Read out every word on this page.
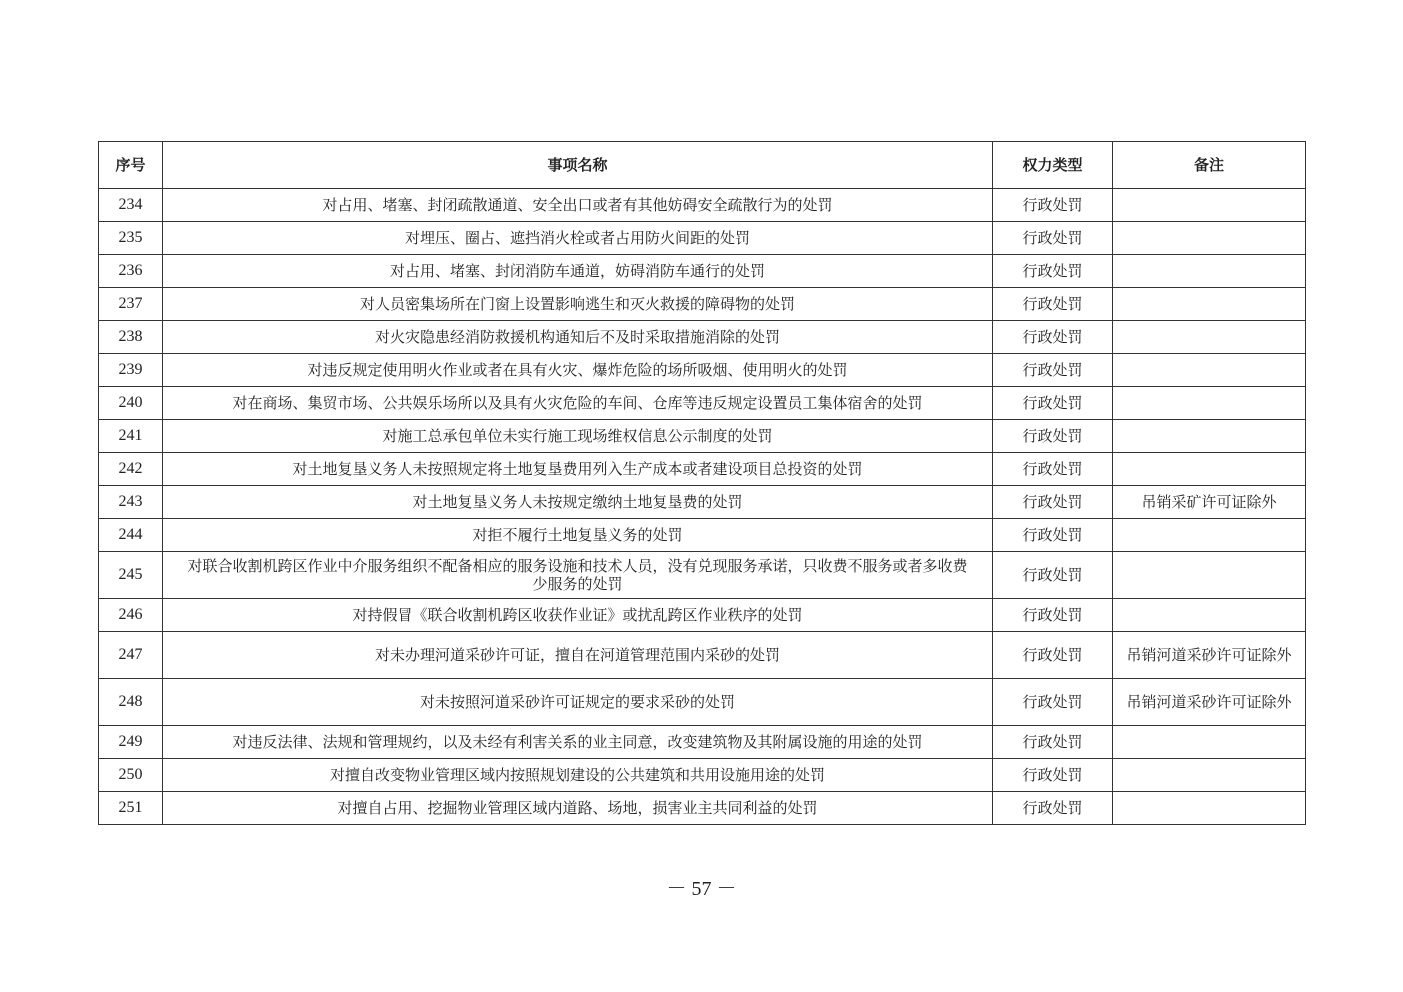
序号	事项名称	权力类型	备注
234	对占用、堵塞、封闭疏散通道、安全出口或者有其他妨碍安全疏散行为的处罚	行政处罚	
235	对埋压、圈占、遮挡消火栓或者占用防火间距的处罚	行政处罚	
236	对占用、堵塞、封闭消防车通道，妨碍消防车通行的处罚	行政处罚	
237	对人员密集场所在门窗上设置影响逃生和灭火救援的障碍物的处罚	行政处罚	
238	对火灾隐患经消防救援机构通知后不及时采取措施消除的处罚	行政处罚	
239	对违反规定使用明火作业或者在具有火灾、爆炸危险的场所吸烟、使用明火的处罚	行政处罚	
240	对在商场、集贸市场、公共娱乐场所以及具有火灾危险的车间、仓库等违反规定设置员工集体宿舍的处罚	行政处罚	
241	对施工总承包单位未实行施工现场维权信息公示制度的处罚	行政处罚	
242	对土地复垦义务人未按照规定将土地复垦费用列入生产成本或者建设项目总投资的处罚	行政处罚	
243	对土地复垦义务人未按规定缴纳土地复垦费的处罚	行政处罚	吊销采矿许可证除外
244	对拒不履行土地复垦义务的处罚	行政处罚	
245	对联合收割机跨区作业中介服务组织不配备相应的服务设施和技术人员，没有兑现服务承诺，只收费不服务或者多收费少服务的处罚	行政处罚	
246	对持假冒《联合收割机跨区收获作业证》或扰乱跨区作业秩序的处罚	行政处罚	
247	对未办理河道采砂许可证，擅自在河道管理范围内采砂的处罚	行政处罚	吊销河道采砂许可证除外
248	对未按照河道采砂许可证规定的要求采砂的处罚	行政处罚	吊销河道采砂许可证除外
249	对违反法律、法规和管理规约，以及未经有利害关系的业主同意，改变建筑物及其附属设施的用途的处罚	行政处罚	
250	对擅自改变物业管理区域内按照规划建设的公共建筑和共用设施用途的处罚	行政处罚	
251	对擅自占用、挖掘物业管理区域内道路、场地，损害业主共同利益的处罚	行政处罚	
－ 57 －
